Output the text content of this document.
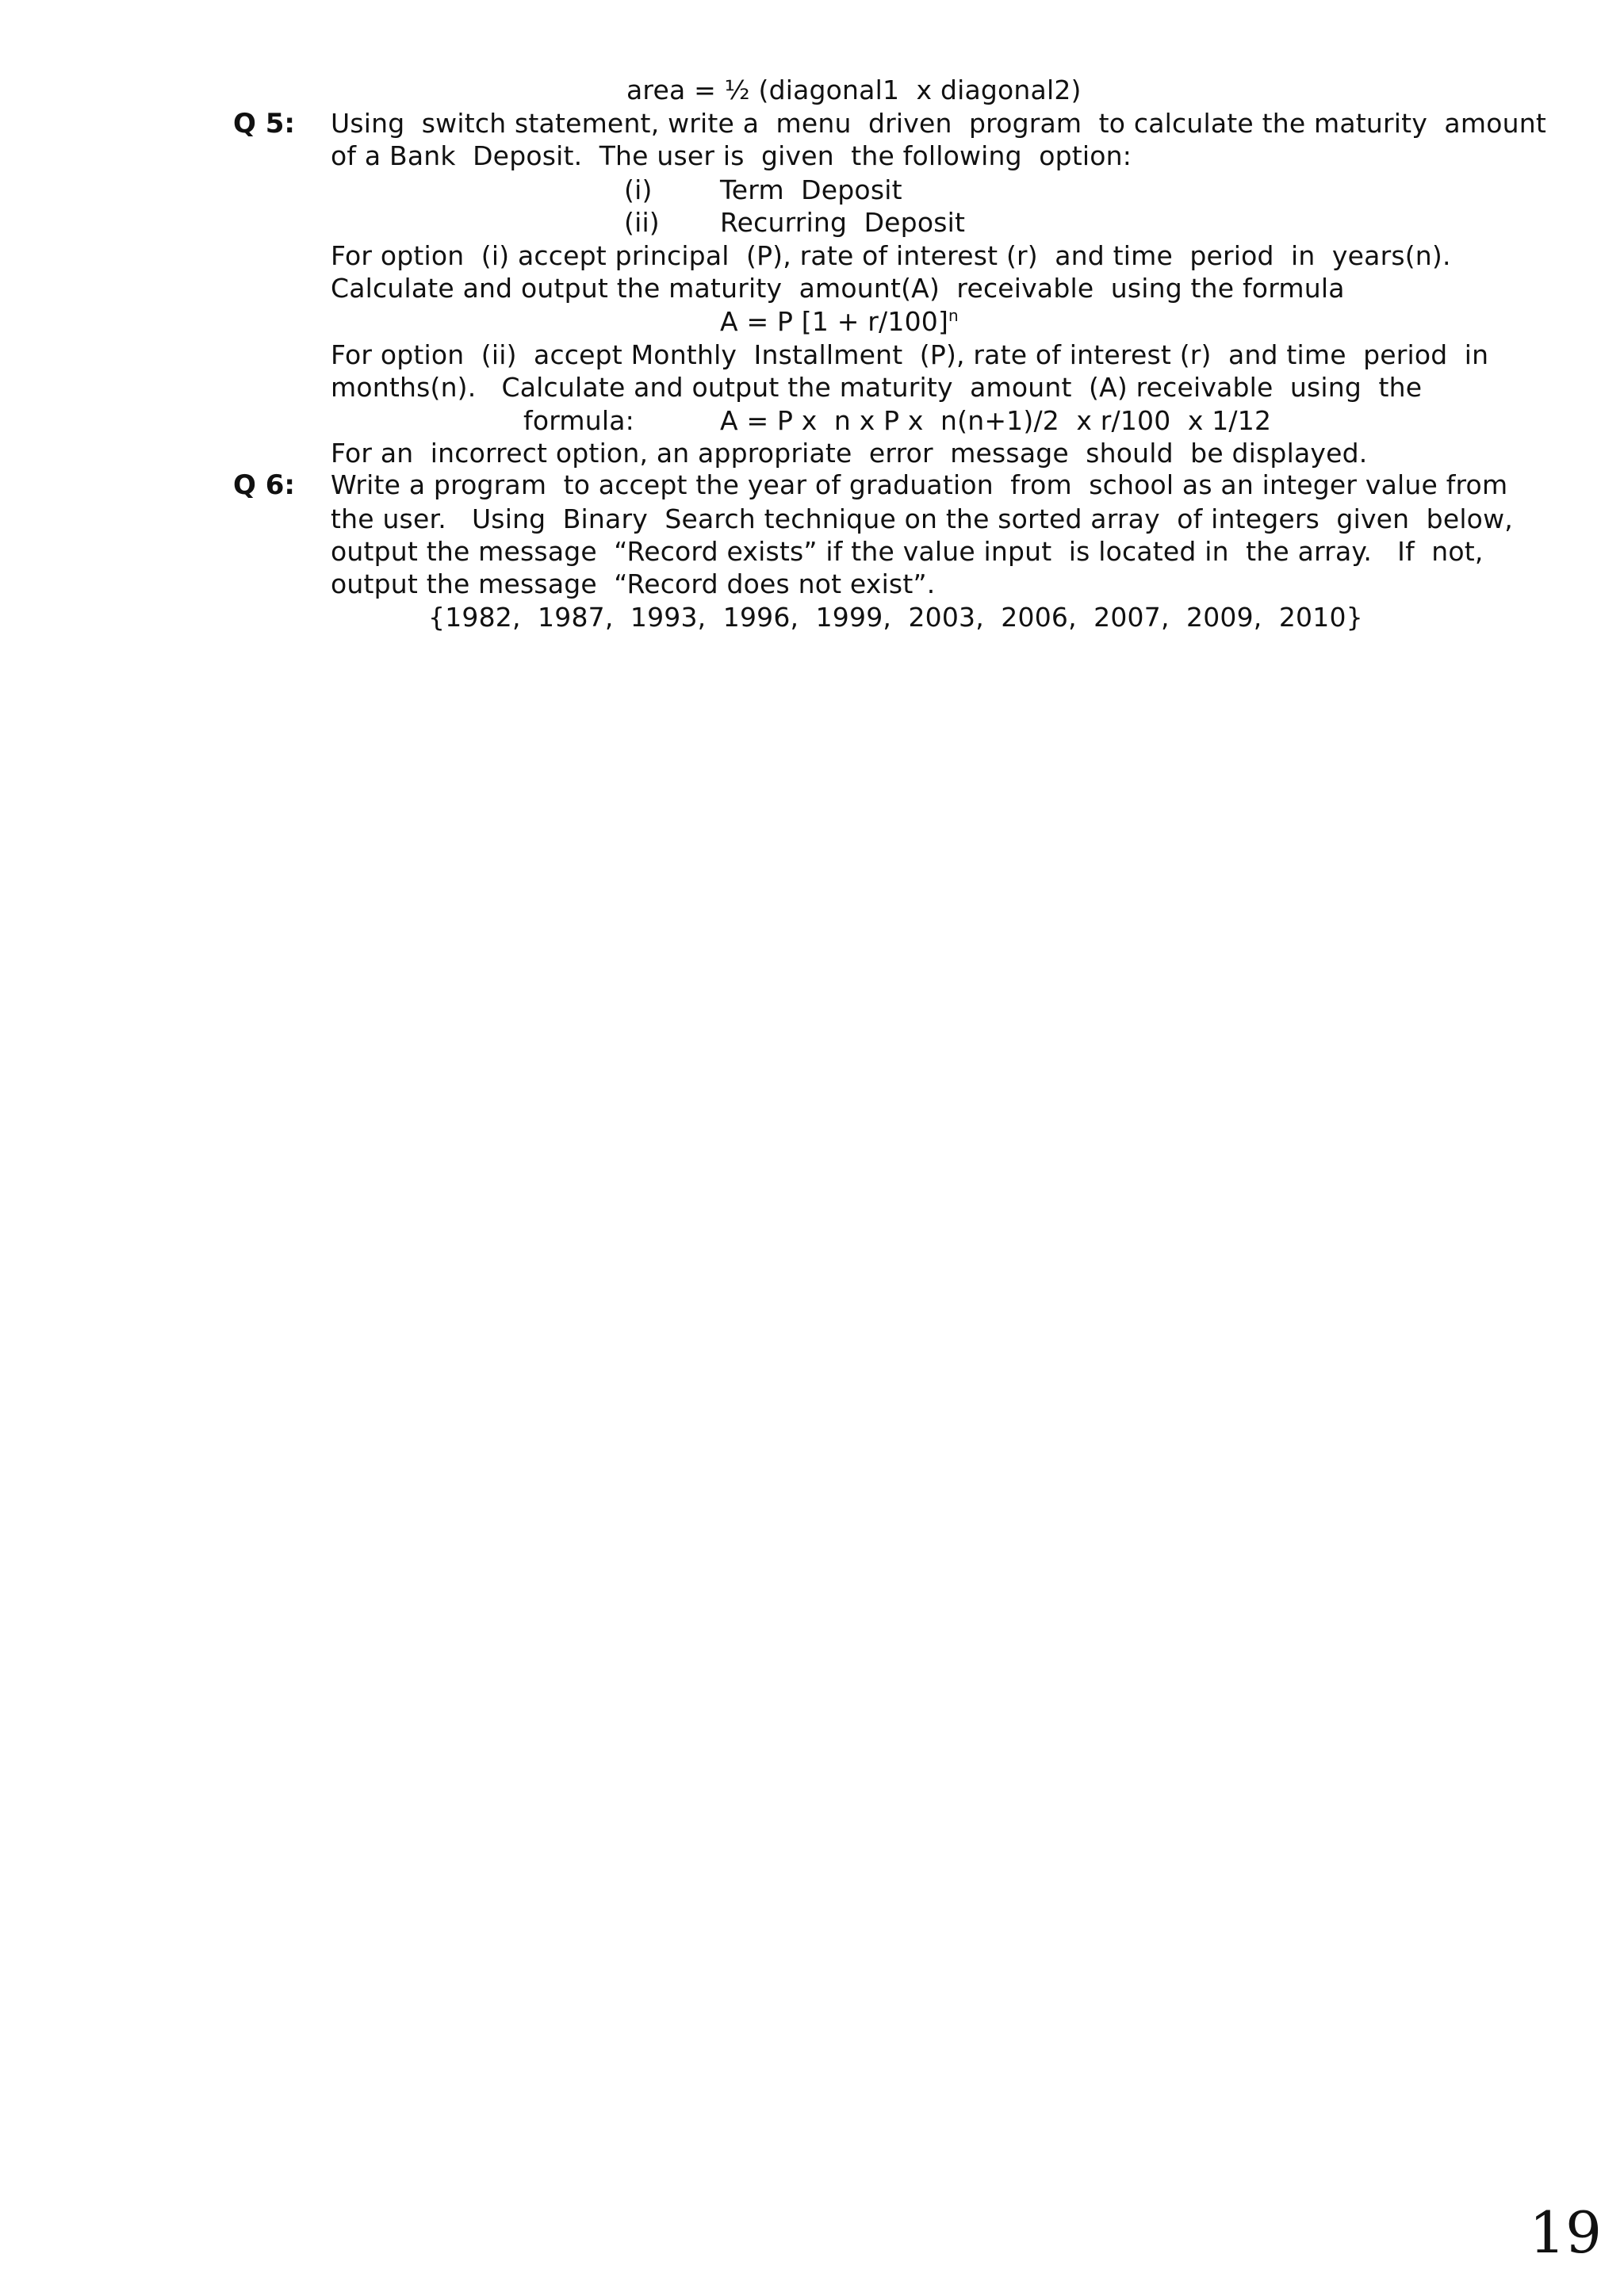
area = ½ (diagonal1  x diagonal2)
Q 5: Using  switch statement, write a  menu  driven  program  to calculate the maturity  amount
of a Bank  Deposit.  The user is  given  the following  option:
(i)	Term  Deposit
(ii) Recurring  Deposit
For option  (i) accept principal  (P), rate of interest (r)  and time  period  in  years(n).
Calculate and output the maturity  amount(A)  receivable  using the formula
A = P $[1 + r/100]^n$
For option  (ii)  accept Monthly  Installment  (P), rate of interest (r)  and time  period  in
months(n).   Calculate and output the maturity  amount  (A) receivable  using  the
formula:	A = P x  n x P x  n(n+1)/2  x r/100  x 1/12
For an  incorrect option, an appropriate  error  message  should  be displayed.
Q 6: Write a program  to accept the year of graduation  from  school as an integer value from
the user.   Using  Binary  Search technique on the sorted array  of integers  given  below,
output the message  “Record exists” if the value input  is located in  the array.   If  not,
output the message  “Record does not exist”.
{1982,  1987,  1993,  1996,  1999,  2003,  2006,  2007,  2009,  2010}
19
